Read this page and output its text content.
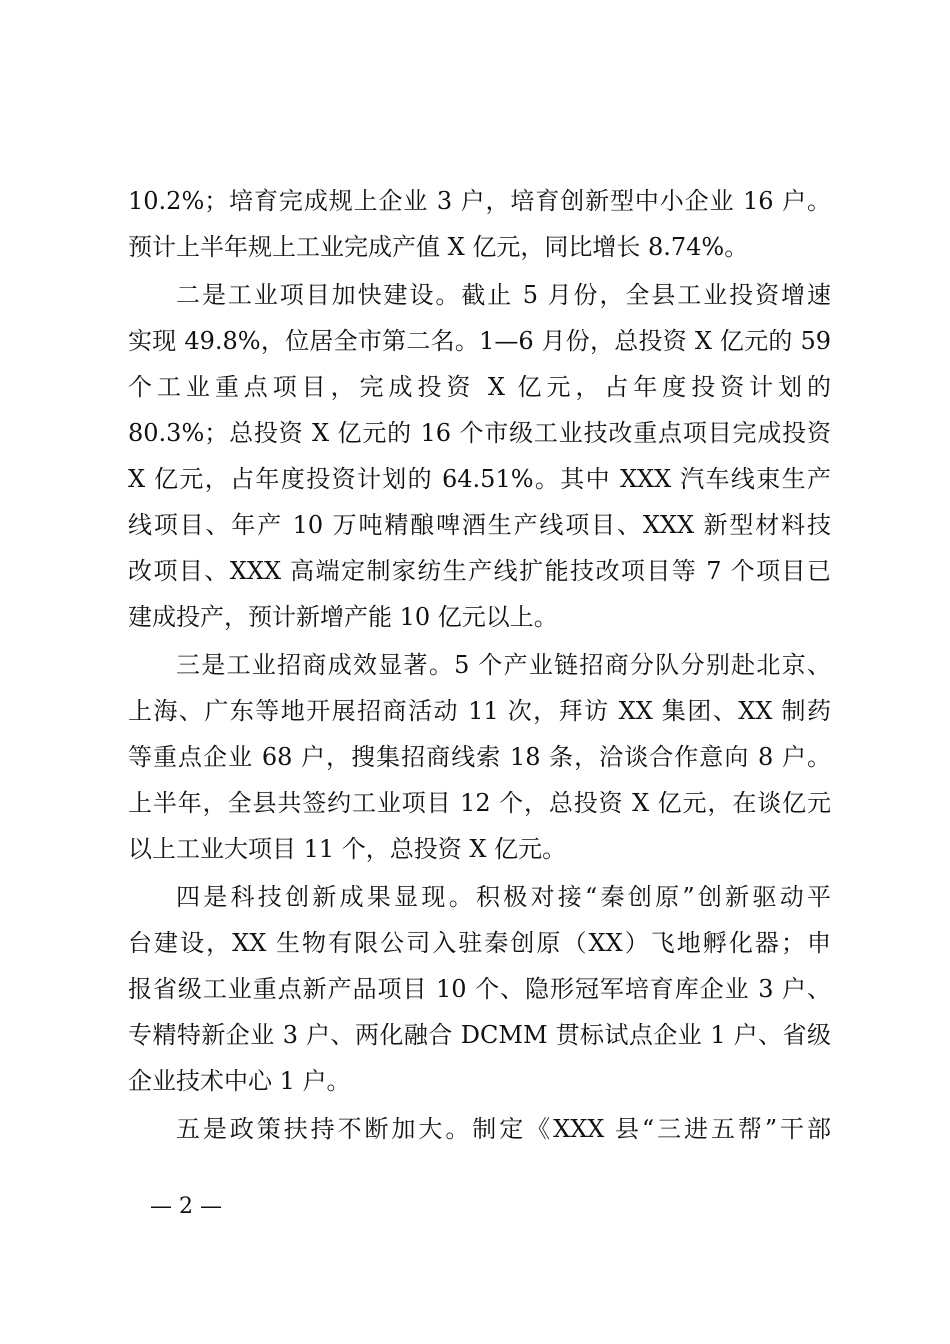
10.2%；培育完成规上企业 3 户，培育创新型中小企业 16 户。
预计上半年规上工业完成产值 X 亿元，同比增长 8.74%。
二是工业项目加快建设。截止 5 月份，全县工业投资增速
实现 49.8%，位居全市第二名。1—6 月份，总投资 X 亿元的 59
个工业重点项目，完成投资 X 亿元，占年度投资计划的
80.3%；总投资 X 亿元的 16 个市级工业技改重点项目完成投资
X 亿元，占年度投资计划的 64.51%。其中 XXX 汽车线束生产
线项目、年产 10 万吨精酿啤酒生产线项目、XXX 新型材料技
改项目、XXX 高端定制家纺生产线扩能技改项目等 7 个项目已
建成投产，预计新增产能 10 亿元以上。
三是工业招商成效显著。5 个产业链招商分队分别赴北京、
上海、广东等地开展招商活动 11 次，拜访 XX 集团、XX 制药
等重点企业 68 户，搜集招商线索 18 条，洽谈合作意向 8 户。
上半年，全县共签约工业项目 12 个，总投资 X 亿元，在谈亿元
以上工业大项目 11 个，总投资 X 亿元。
四是科技创新成果显现。积极对接“秦创原”创新驱动平
台建设，XX 生物有限公司入驻秦创原（XX）飞地孵化器；申
报省级工业重点新产品项目 10 个、隐形冠军培育库企业 3 户、
专精特新企业 3 户、两化融合 DCMM 贯标试点企业 1 户、省级
企业技术中心 1 户。
五是政策扶持不断加大。制定《XXX 县“三进五帮”干部
— 2 —
